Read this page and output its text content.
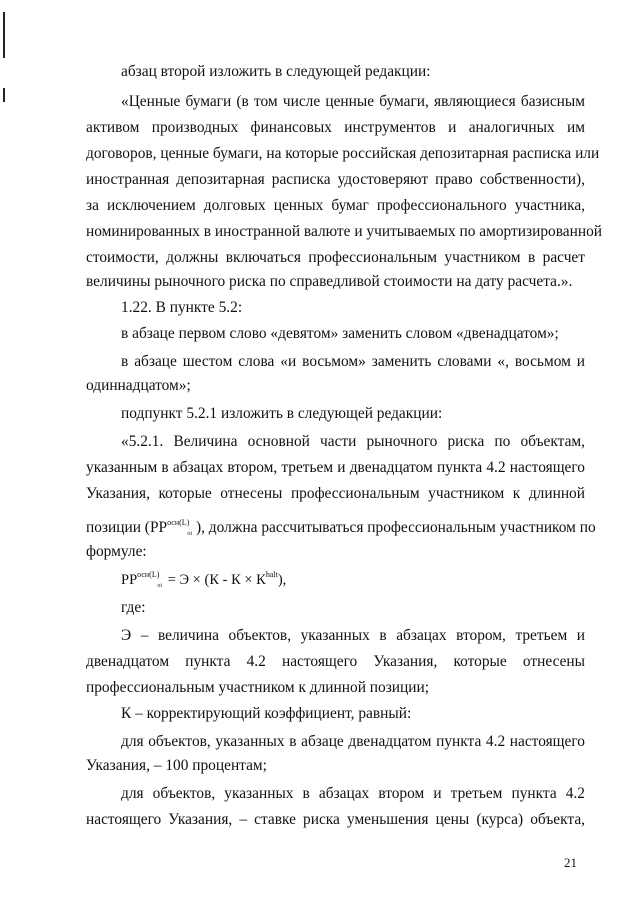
абзац второй изложить в следующей редакции:
«Ценные бумаги (в том числе ценные бумаги, являющиеся базисным
активом производных финансовых инструментов и аналогичных им
договоров, ценные бумаги, на которые российская депозитарная расписка или
иностранная депозитарная расписка удостоверяют право собственности),
за исключением долговых ценных бумаг профессионального участника,
номинированных в иностранной валюте и учитываемых по амортизированной
стоимости, должны включаться профессиональным участником в расчет
величины рыночного риска по справедливой стоимости на дату расчета.».
1.22. В пункте 5.2:
в абзаце первом слово «девятом» заменить словом «двенадцатом»;
в абзаце шестом слова «и восьмом» заменить словами «, восьмом и
одиннадцатом»;
подпункт 5.2.1 изложить в следующей редакции:
«5.2.1. Величина основной части рыночного риска по объектам,
указанным в абзацах втором, третьем и двенадцатом пункта 4.2 настоящего
Указания, которые отнесены профессиональным участником к длинной
позиции ($РР^{осн(L)}oi$ ), должна рассчитываться профессиональным участником по
формуле:
$РР^{осн(L)}_{oi} = Э \times (К - К \times К^{halt})$,
где:
Э – величина объектов, указанных в абзацах втором, третьем и
двенадцатом пункта 4.2 настоящего Указания, которые отнесены
профессиональным участником к длинной позиции;
К – корректирующий коэффициент, равный:
для объектов, указанных в абзаце двенадцатом пункта 4.2 настоящего
Указания, – 100 процентам;
для объектов, указанных в абзацах втором и третьем пункта 4.2
настоящего Указания, – ставке риска уменьшения цены (курса) объекта,
21
